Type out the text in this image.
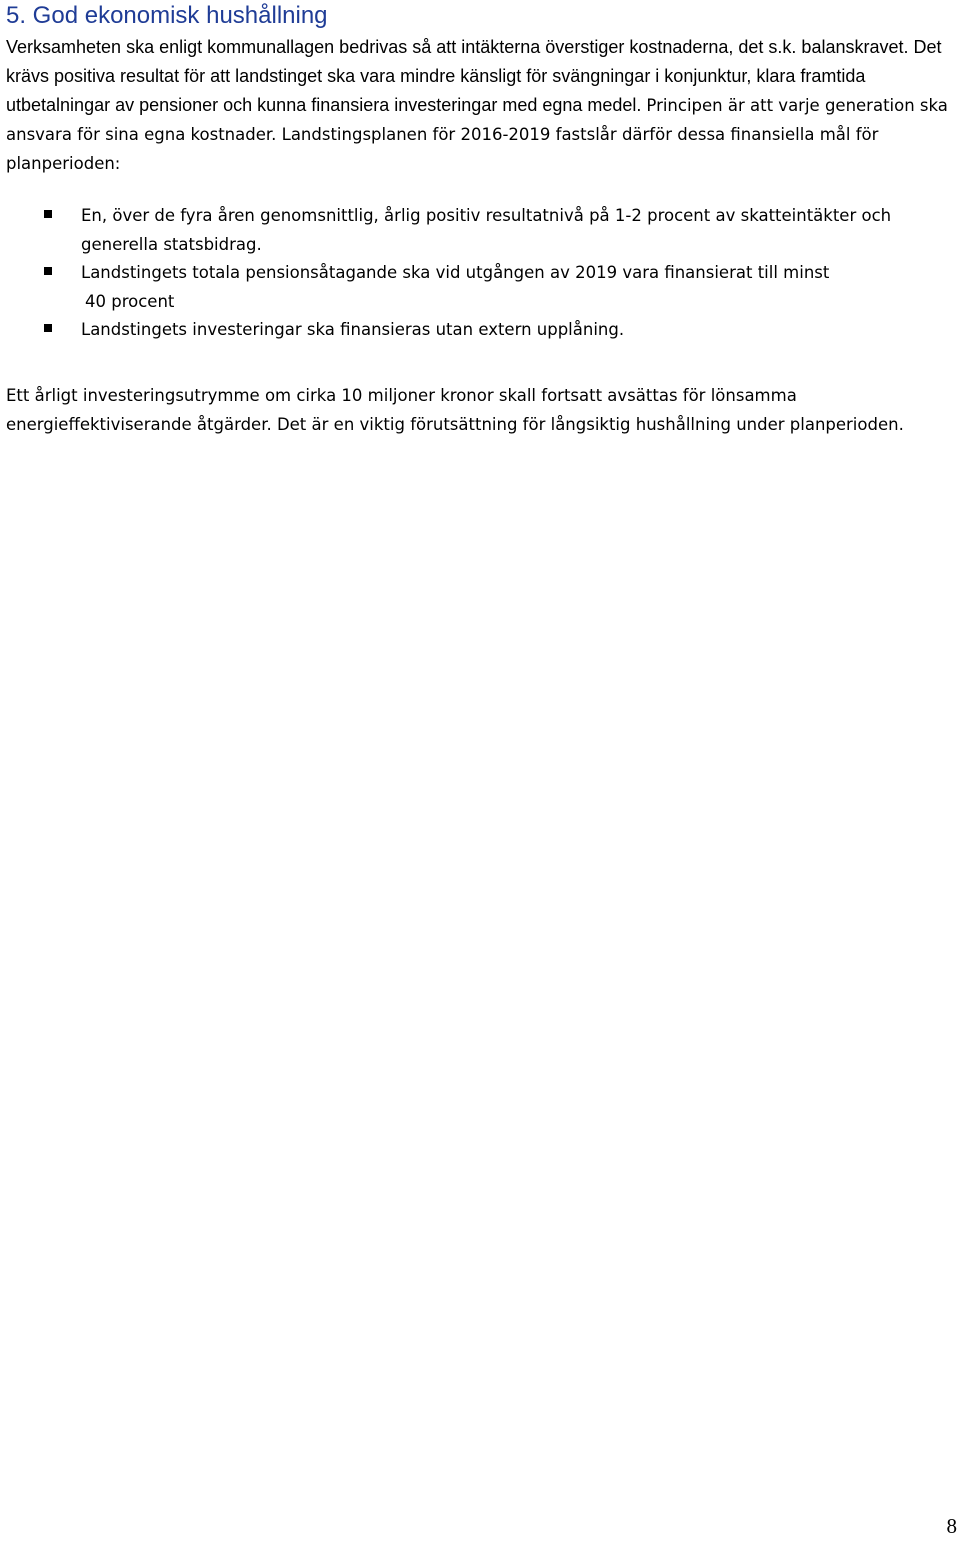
5. God ekonomisk hushållning

Verksamheten ska enligt kommunallagen bedrivas så att intäkterna överstiger kostnaderna, det s.k. balanskravet. Det krävs positiva resultat för att landstinget ska vara mindre känsligt för svängningar i konjunktur, klara framtida utbetalningar av pensioner och kunna finansiera investeringar med egna medel. Principen är att varje generation ska ansvara för sina egna kostnader. Landstingsplanen för 2016-2019 fastslår därför dessa finansiella mål för planperioden:

En, över de fyra åren genomsnittlig, årlig positiv resultatnivå på 1-2 procent av skatteintäkter och generella statsbidrag.
Landstingets totala pensionsåtagande ska vid utgången av 2019 vara finansierat till minst
40 procent
Landstingets investeringar ska finansieras utan extern upplåning.

Ett årligt investeringsutrymme om cirka 10 miljoner kronor skall fortsatt avsättas för lönsamma energieffektiviserande åtgärder. Det är en viktig förutsättning för långsiktig hushållning under planperioden.

8
